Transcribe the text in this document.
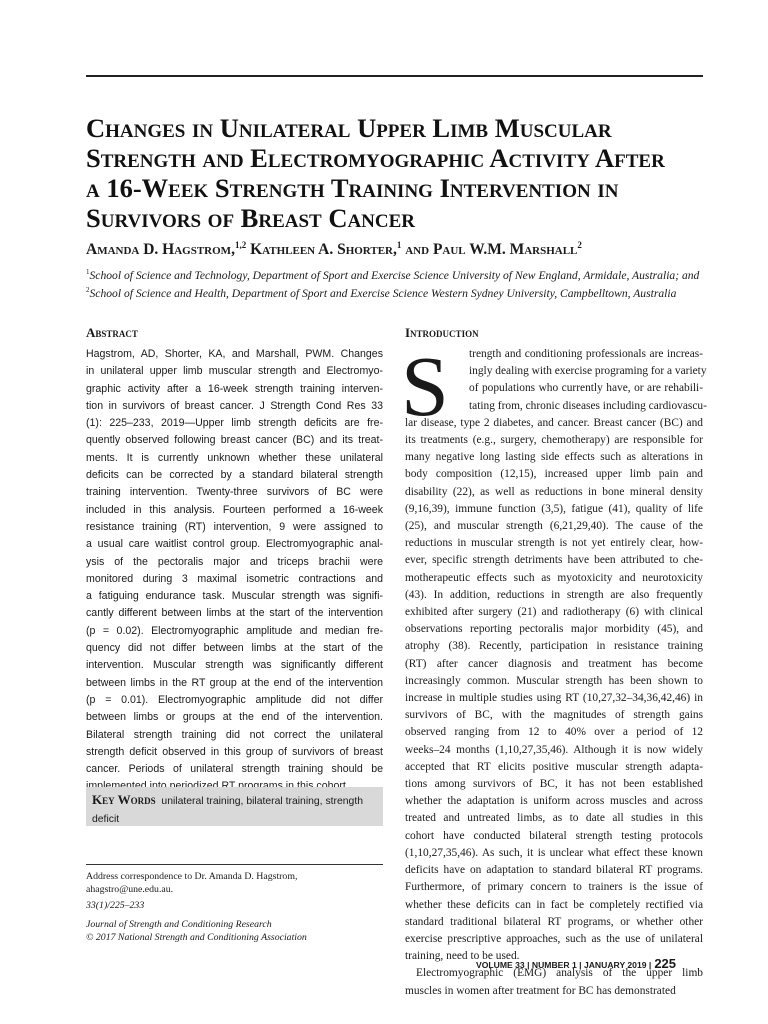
Changes in Unilateral Upper Limb Muscular
Strength and Electromyographic Activity After
a 16-Week Strength Training Intervention in
Survivors of Breast Cancer
Amanda D. Hagstrom,$^{1,2}$ Kathleen A. Shorter,$^1$ and Paul W.M. Marshall$^2$
$^1$School of Science and Technology, Department of Sport and Exercise Science University of New England, Armidale, Australia; and
$^2$School of Science and Health, Department of Sport and Exercise Science Western Sydney University, Campbelltown, Australia
Abstract
Hagstrom, AD, Shorter, KA, and Marshall, PWM. Changes
in unilateral upper limb muscular strength and Electromyo-
graphic activity after a 16-week strength training interven-
tion in survivors of breast cancer. J Strength Cond Res 33
(1): 225–233, 2019—Upper limb strength deficits are fre-
quently observed following breast cancer (BC) and its treat-
ments. It is currently unknown whether these unilateral
deficits can be corrected by a standard bilateral strength
training intervention. Twenty-three survivors of BC were
included in this analysis. Fourteen performed a 16-week
resistance training (RT) intervention, 9 were assigned to
a usual care waitlist control group. Electromyographic anal-
ysis of the pectoralis major and triceps brachii were
monitored during 3 maximal isometric contractions and
a fatiguing endurance task. Muscular strength was signifi-
cantly different between limbs at the start of the intervention
(p = 0.02). Electromyographic amplitude and median fre-
quency did not differ between limbs at the start of the
intervention. Muscular strength was significantly different
between limbs in the RT group at the end of the intervention
(p = 0.01). Electromyographic amplitude did not differ
between limbs or groups at the end of the intervention.
Bilateral strength training did not correct the unilateral
strength deficit observed in this group of survivors of breast
cancer. Periods of unilateral strength training should be
Key Words unilateral training, bilateral training, strength deficit
Address correspondence to Dr. Amanda D. Hagstrom, ahagstro@une.edu.au.
33(1)/225–233
Journal of Strength and Conditioning Research
© 2017 National Strength and Conditioning Association
Introduction
S	trength and conditioning professionals are increas-
ingly dealing with exercise programing for a variety
of populations who currently have, or are rehabili-
tating from, chronic diseases including cardiovascu-
lar disease, type 2 diabetes, and cancer. Breast cancer (BC) and
its treatments (e.g., surgery, chemotherapy) are responsible for
many negative long lasting side effects such as alterations in
body composition (12,15), increased upper limb pain and
disability (22), as well as reductions in bone mineral density
(9,16,39), immune function (3,5), fatigue (41), quality of life
(25), and muscular strength (6,21,29,40). The cause of the
reductions in muscular strength is not yet entirely clear, how-
ever, specific strength detriments have been attributed to che-
motherapeutic effects such as myotoxicity and neurotoxicity
(43). In addition, reductions in strength are also frequently
exhibited after surgery (21) and radiotherapy (6) with clinical
observations reporting pectoralis major morbidity (45), and
atrophy (38). Recently, participation in resistance training
(RT) after cancer diagnosis and treatment has become
increasingly common. Muscular strength has been shown to
increase in multiple studies using RT (10,27,32–34,36,42,46) in
survivors of BC, with the magnitudes of strength gains
observed ranging from 12 to 40% over a period of 12
weeks–24 months (1,10,27,35,46). Although it is now widely
accepted that RT elicits positive muscular strength adapta-
tions among survivors of BC, it has not been established
whether the adaptation is uniform across muscles and across
treated and untreated limbs, as to date all studies in this
cohort have conducted bilateral strength testing protocols
(1,10,27,35,46). As such, it is unclear what effect these known
deficits have on adaptation to standard bilateral RT programs.
Furthermore, of primary concern to trainers is the issue of
whether these deficits can in fact be completely rectified via
standard traditional bilateral RT programs, or whether other
exercise prescriptive approaches, such as the use of unilateral
training, need to be used.
Electromyographic (EMG) analysis of the upper limb
muscles in women after treatment for BC has demonstrated
VOLUME 33 | NUMBER 1 | JANUARY 2019 | 225
